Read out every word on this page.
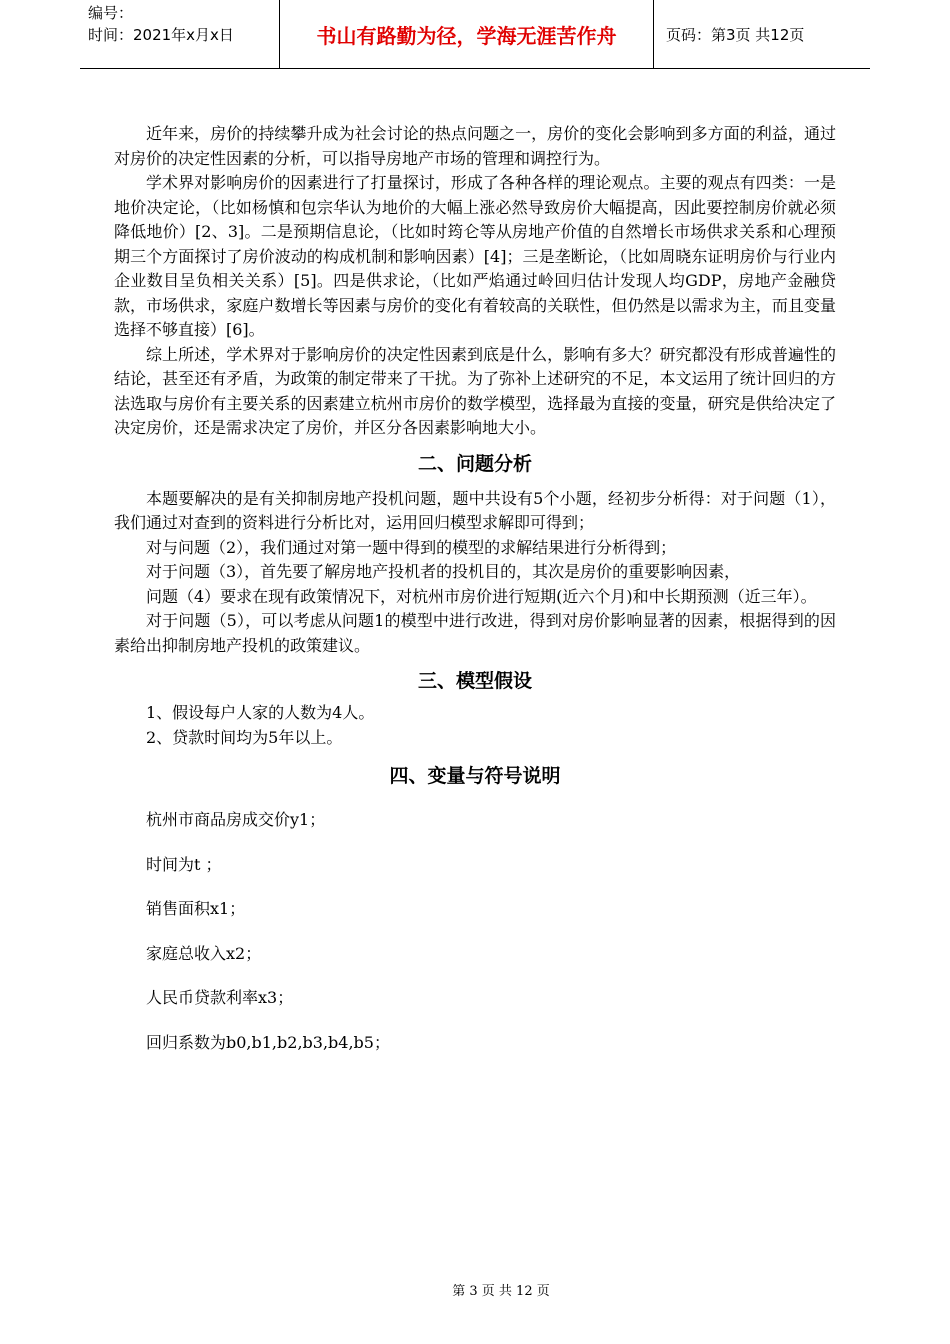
编号：
时间：2021年x月x日	书山有路勤为径，学海无涯苦作舟	页码：第3页 共12页

近年来，房价的持续攀升成为社会讨论的热点问题之一，房价的变化会影响到多方面的利益，通过对房价的决定性因素的分析，可以指导房地产市场的管理和调控行为。

学术界对影响房价的因素进行了打量探讨，形成了各种各样的理论观点。主要的观点有四类：一是地价决定论，（比如杨慎和包宗华认为地价的大幅上涨必然导致房价大幅提高，因此要控制房价就必须降低地价）[2、3]。二是预期信息论，（比如时筠仑等从房地产价值的自然增长市场供求关系和心理预期三个方面探讨了房价波动的构成机制和影响因素）[4]；三是垄断论，（比如周晓东证明房价与行业内企业数目呈负相关关系）[5]。四是供求论，（比如严焰通过岭回归估计发现人均GDP，房地产金融贷款，市场供求，家庭户数增长等因素与房价的变化有着较高的关联性，但仍然是以需求为主，而且变量选择不够直接）[6]。

综上所述，学术界对于影响房价的决定性因素到底是什么，影响有多大？研究都没有形成普遍性的结论，甚至还有矛盾，为政策的制定带来了干扰。为了弥补上述研究的不足，本文运用了统计回归的方法选取与房价有主要关系的因素建立杭州市房价的数学模型，选择最为直接的变量，研究是供给决定了决定房价，还是需求决定了房价，并区分各因素影响地大小。

二、问题分析

本题要解决的是有关抑制房地产投机问题，题中共设有5个小题，经初步分析得：对于问题（1），我们通过对查到的资料进行分析比对，运用回归模型求解即可得到；

对与问题（2），我们通过对第一题中得到的模型的求解结果进行分析得到；

对于问题（3），首先要了解房地产投机者的投机目的，其次是房价的重要影响因素，

问题（4）要求在现有政策情况下，对杭州市房价进行短期(近六个月)和中长期预测（近三年）。

对于问题（5），可以考虑从问题1的模型中进行改进，得到对房价影响显著的因素，根据得到的因素给出抑制房地产投机的政策建议。

三、模型假设

1、假设每户人家的人数为4人。

2、贷款时间均为5年以上。

四、变量与符号说明

杭州市商品房成交价y1；

时间为t ；

销售面积x1；

家庭总收入x2；

人民币贷款利率x3；

回归系数为b0,b1,b2,b3,b4,b5；

第 3 页 共 12 页
